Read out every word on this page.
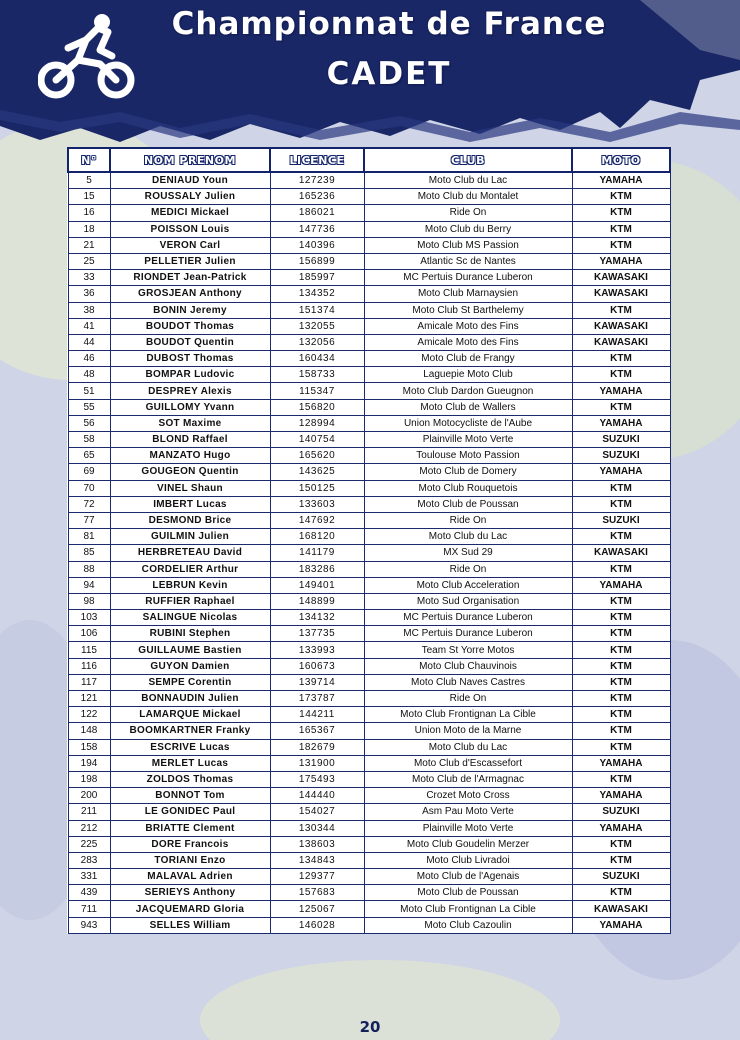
Championnat de France
CADET
N°	NOM PRENOM	LICENCE	CLUB	MOTO
5	DENIAUD Youn	127239	Moto Club du Lac	YAMAHA
15	ROUSSALY Julien	165236	Moto Club du Montalet	KTM
16	MEDICI Mickael	186021	Ride On	KTM
18	POISSON Louis	147736	Moto Club du Berry	KTM
21	VERON Carl	140396	Moto Club MS Passion	KTM
25	PELLETIER Julien	156899	Atlantic Sc de Nantes	YAMAHA
33	RIONDET Jean-Patrick	185997	MC Pertuis Durance Luberon	KAWASAKI
36	GROSJEAN Anthony	134352	Moto Club Marnaysien	KAWASAKI
38	BONIN Jeremy	151374	Moto Club St Barthelemy	KTM
41	BOUDOT Thomas	132055	Amicale Moto des Fins	KAWASAKI
44	BOUDOT Quentin	132056	Amicale Moto des Fins	KAWASAKI
46	DUBOST Thomas	160434	Moto Club de Frangy	KTM
48	BOMPAR Ludovic	158733	Laguepie Moto Club	KTM
51	DESPREY Alexis	115347	Moto Club Dardon Gueugnon	YAMAHA
55	GUILLOMY Yvann	156820	Moto Club de Wallers	KTM
56	SOT Maxime	128994	Union Motocycliste de l'Aube	YAMAHA
58	BLOND Raffael	140754	Plainville Moto Verte	SUZUKI
65	MANZATO Hugo	165620	Toulouse Moto Passion	SUZUKI
69	GOUGEON Quentin	143625	Moto Club de Domery	YAMAHA
70	VINEL Shaun	150125	Moto Club Rouquetois	KTM
72	IMBERT Lucas	133603	Moto Club de Poussan	KTM
77	DESMOND Brice	147692	Ride On	SUZUKI
81	GUILMIN Julien	168120	Moto Club du Lac	KTM
85	HERBRETEAU David	141179	MX Sud 29	KAWASAKI
88	CORDELIER Arthur	183286	Ride On	KTM
94	LEBRUN Kevin	149401	Moto Club Acceleration	YAMAHA
98	RUFFIER Raphael	148899	Moto Sud Organisation	KTM
103	SALINGUE Nicolas	134132	MC Pertuis Durance Luberon	KTM
106	RUBINI Stephen	137735	MC Pertuis Durance Luberon	KTM
115	GUILLAUME Bastien	133993	Team St Yorre Motos	KTM
116	GUYON Damien	160673	Moto Club Chauvinois	KTM
117	SEMPE Corentin	139714	Moto Club Naves Castres	KTM
121	BONNAUDIN Julien	173787	Ride On	KTM
122	LAMARQUE Mickael	144211	Moto Club Frontignan La Cible	KTM
148	BOOMKARTNER Franky	165367	Union Moto de la Marne	KTM
158	ESCRIVE Lucas	182679	Moto Club du Lac	KTM
194	MERLET Lucas	131900	Moto Club d'Escassefort	YAMAHA
198	ZOLDOS Thomas	175493	Moto Club de l'Armagnac	KTM
200	BONNOT Tom	144440	Crozet Moto Cross	YAMAHA
211	LE GONIDEC Paul	154027	Asm Pau Moto Verte	SUZUKI
212	BRIATTE Clement	130344	Plainville Moto Verte	YAMAHA
225	DORE Francois	138603	Moto Club Goudelin Merzer	KTM
283	TORIANI Enzo	134843	Moto Club Livradoi	KTM
331	MALAVAL Adrien	129377	Moto Club de l'Agenais	SUZUKI
439	SERIEYS Anthony	157683	Moto Club de Poussan	KTM
711	JACQUEMARD Gloria	125067	Moto Club Frontignan La Cible	KAWASAKI
943	SELLES William	146028	Moto Club Cazoulin	YAMAHA
20
